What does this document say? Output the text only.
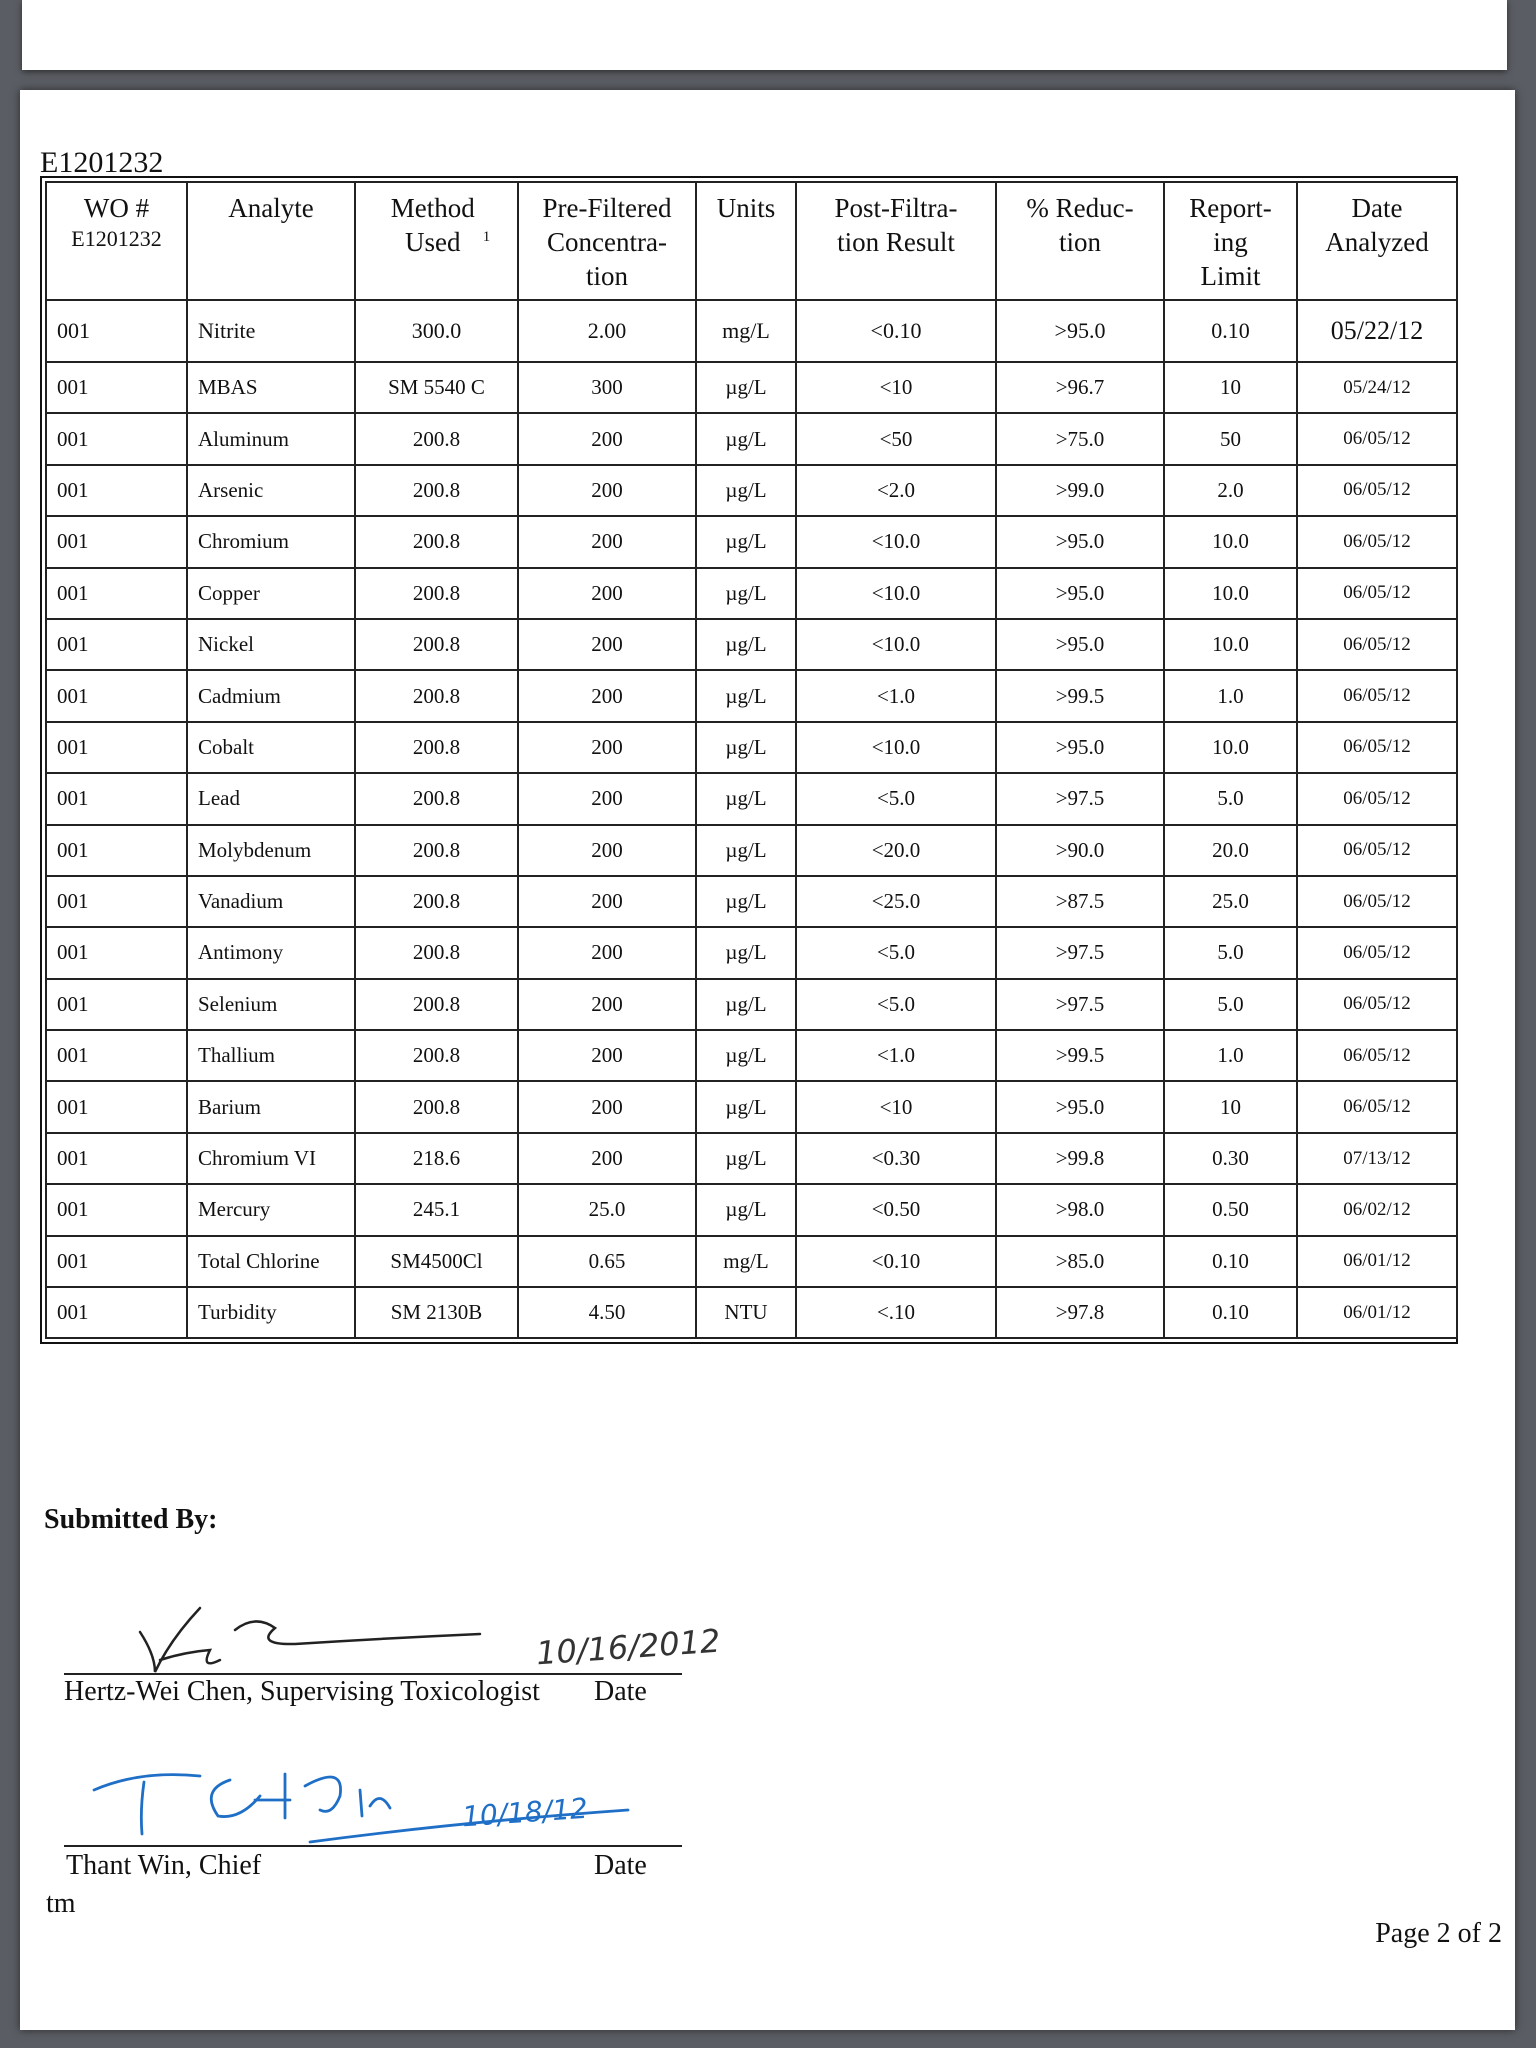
E1201232
WO #
E1201232	Analyte	Method Used $^1$	Pre-Filtered Concentra- tion	Units	Post-Filtra- tion Result	% Reduc- tion	Report- ing Limit	Date Analyzed
001	Nitrite	300.0	2.00	mg/L	<0.10	>95.0	0.10	05/22/12
001	MBAS	SM 5540 C	300	µg/L	<10	>96.7	10	05/24/12
001	Aluminum	200.8	200	µg/L	<50	>75.0	50	06/05/12
001	Arsenic	200.8	200	µg/L	<2.0	>99.0	2.0	06/05/12
001	Chromium	200.8	200	µg/L	<10.0	>95.0	10.0	06/05/12
001	Copper	200.8	200	µg/L	<10.0	>95.0	10.0	06/05/12
001	Nickel	200.8	200	µg/L	<10.0	>95.0	10.0	06/05/12
001	Cadmium	200.8	200	µg/L	<1.0	>99.5	1.0	06/05/12
001	Cobalt	200.8	200	µg/L	<10.0	>95.0	10.0	06/05/12
001	Lead	200.8	200	µg/L	<5.0	>97.5	5.0	06/05/12
001	Molybdenum	200.8	200	µg/L	<20.0	>90.0	20.0	06/05/12
001	Vanadium	200.8	200	µg/L	<25.0	>87.5	25.0	06/05/12
001	Antimony	200.8	200	µg/L	<5.0	>97.5	5.0	06/05/12
001	Selenium	200.8	200	µg/L	<5.0	>97.5	5.0	06/05/12
001	Thallium	200.8	200	µg/L	<1.0	>99.5	1.0	06/05/12
001	Barium	200.8	200	µg/L	<10	>95.0	10	06/05/12
001	Chromium VI	218.6	200	µg/L	<0.30	>99.8	0.30	07/13/12
001	Mercury	245.1	25.0	µg/L	<0.50	>98.0	0.50	06/02/12
001	Total Chlorine	SM4500Cl	0.65	mg/L	<0.10	>85.0	0.10	06/01/12
001	Turbidity	SM 2130B	4.50	NTU	<.10	>97.8	0.10	06/01/12
Submitted By:
10/16/2012
Hertz-Wei Chen, Supervising Toxicologist Date
10/18/12
Thant Win, Chief	Date
tm
Page 2 of 2
